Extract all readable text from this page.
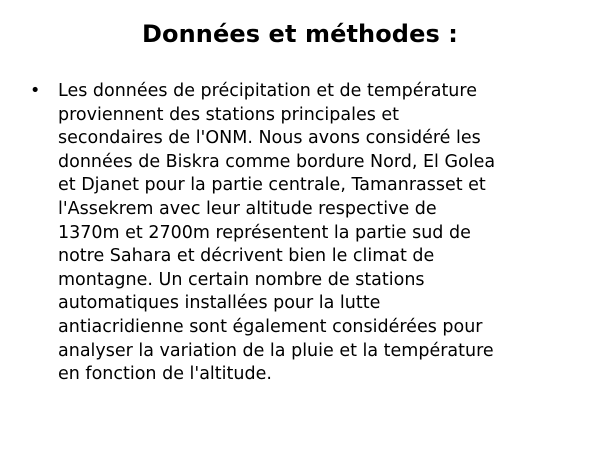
Données et méthodes :
•	Les données de précipitation et de température
proviennent des stations principales et
secondaires de l'ONM. Nous avons considéré les
données de Biskra comme bordure Nord, El Golea
et Djanet pour la partie centrale, Tamanrasset et
l'Assekrem avec leur altitude respective de
1370m et 2700m représentent la partie sud de
notre Sahara et décrivent bien le climat de
montagne. Un certain nombre de stations
automatiques installées pour la lutte
antiacridienne sont également considérées pour
analyser la variation de la pluie et la température
en fonction de l'altitude.
